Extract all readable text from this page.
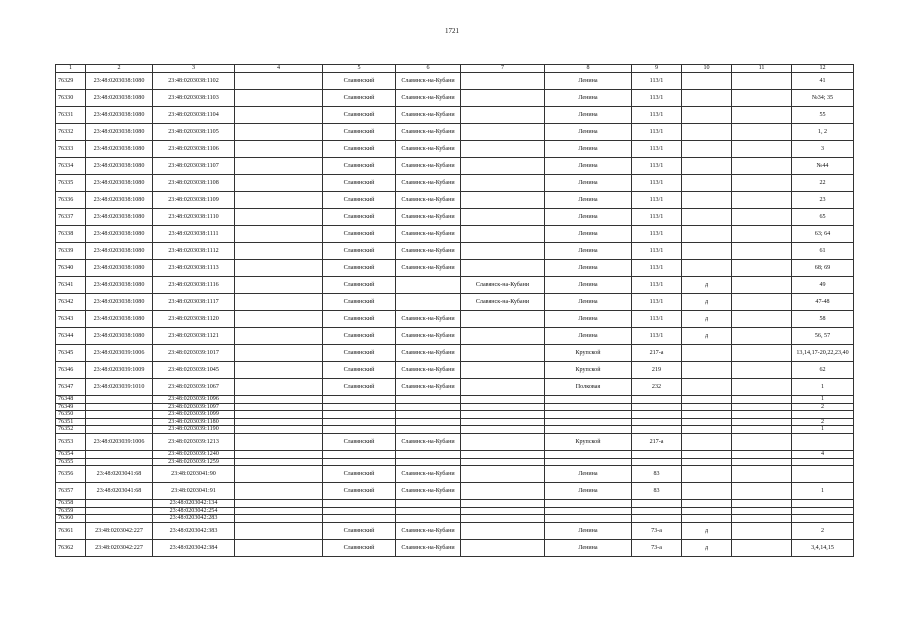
1721
1	2	3	4	5	6	7	8	9	10	11	12
76329	23:48:0203038:1080	23:48:0203038:1102		Славянский	Славянск-на-Кубани		Ленина	113/1			41
76330	23:48:0203038:1080	23:48:0203038:1103		Славянский	Славянск-на-Кубани		Ленина	113/1			№34; 35
76331	23:48:0203038:1080	23:48:0203038:1104		Славянский	Славянск-на-Кубани		Ленина	113/1			55
76332	23:48:0203038:1080	23:48:0203038:1105		Славянский	Славянск-на-Кубани		Ленина	113/1			1, 2
76333	23:48:0203038:1080	23:48:0203038:1106		Славянский	Славянск-на-Кубани		Ленина	113/1			3
76334	23:48:0203038:1080	23:48:0203038:1107		Славянский	Славянск-на-Кубани		Ленина	113/1			№44
76335	23:48:0203038:1080	23:48:0203038:1108		Славянский	Славянск-на-Кубани		Ленина	113/1			22
76336	23:48:0203038:1080	23:48:0203038:1109		Славянский	Славянск-на-Кубани		Ленина	113/1			23
76337	23:48:0203038:1080	23:48:0203038:1110		Славянский	Славянск-на-Кубани		Ленина	113/1			65
76338	23:48:0203038:1080	23:48:0203038:1111		Славянский	Славянск-на-Кубани		Ленина	113/1			63; 64
76339	23:48:0203038:1080	23:48:0203038:1112		Славянский	Славянск-на-Кубани		Ленина	113/1			61
76340	23:48:0203038:1080	23:48:0203038:1113		Славянский	Славянск-на-Кубани		Ленина	113/1			68; 69
76341	23:48:0203038:1080	23:48:0203038:1116		Славянский		Славянск-на-Кубани	Ленина	113/1	д		49
76342	23:48:0203038:1080	23:48:0203038:1117		Славянский		Славянск-на-Кубани	Ленина	113/1	д		47-48
76343	23:48:0203038:1080	23:48:0203038:1120		Славянский	Славянск-на-Кубани		Ленина	113/1	д		58
76344	23:48:0203038:1080	23:48:0203038:1121		Славянский	Славянск-на-Кубани		Ленина	113/1	д		56, 57
76345	23:48:0203039:1006	23:48:0203039:1017		Славянский	Славянск-на-Кубани		Крупской	217-а			13,14,17-20,22,23,40
76346	23:48:0203039:1009	23:48:0203039:1045		Славянский	Славянск-на-Кубани		Крупской	219			62
76347	23:48:0203039:1010	23:48:0203039:1067		Славянский	Славянск-на-Кубани		Полковая	232			1
76348		23:48:0203039:1096									1
76349		23:48:0203039:1097									2
76350		23:48:0203039:1099									
76351		23:48:0203039:1180									2
76352		23:48:0203039:1190									1
76353	23:48:0203039:1006	23:48:0203039:1213		Славянский	Славянск-на-Кубани		Крупской	217-а			
76354		23:48:0203039:1240									4
76355		23:48:0203039:1259									
76356	23:48:0203041:68	23:48:0203041:90		Славянский	Славянск-на-Кубани		Ленина	83			
76357	23:48:0203041:68	23:48:0203041:91		Славянский	Славянск-на-Кубани		Ленина	83			1
76358		23:48:0203042:134									
76359		23:48:0203042:254									
76360		23:48:0203042:283									
76361	23:48:0203042:227	23:48:0203042:383		Славянский	Славянск-на-Кубани		Ленина	73-а	д		2
76362	23:48:0203042:227	23:48:0203042:384		Славянский	Славянск-на-Кубани		Ленина	73-а	д		3,4,14,15
